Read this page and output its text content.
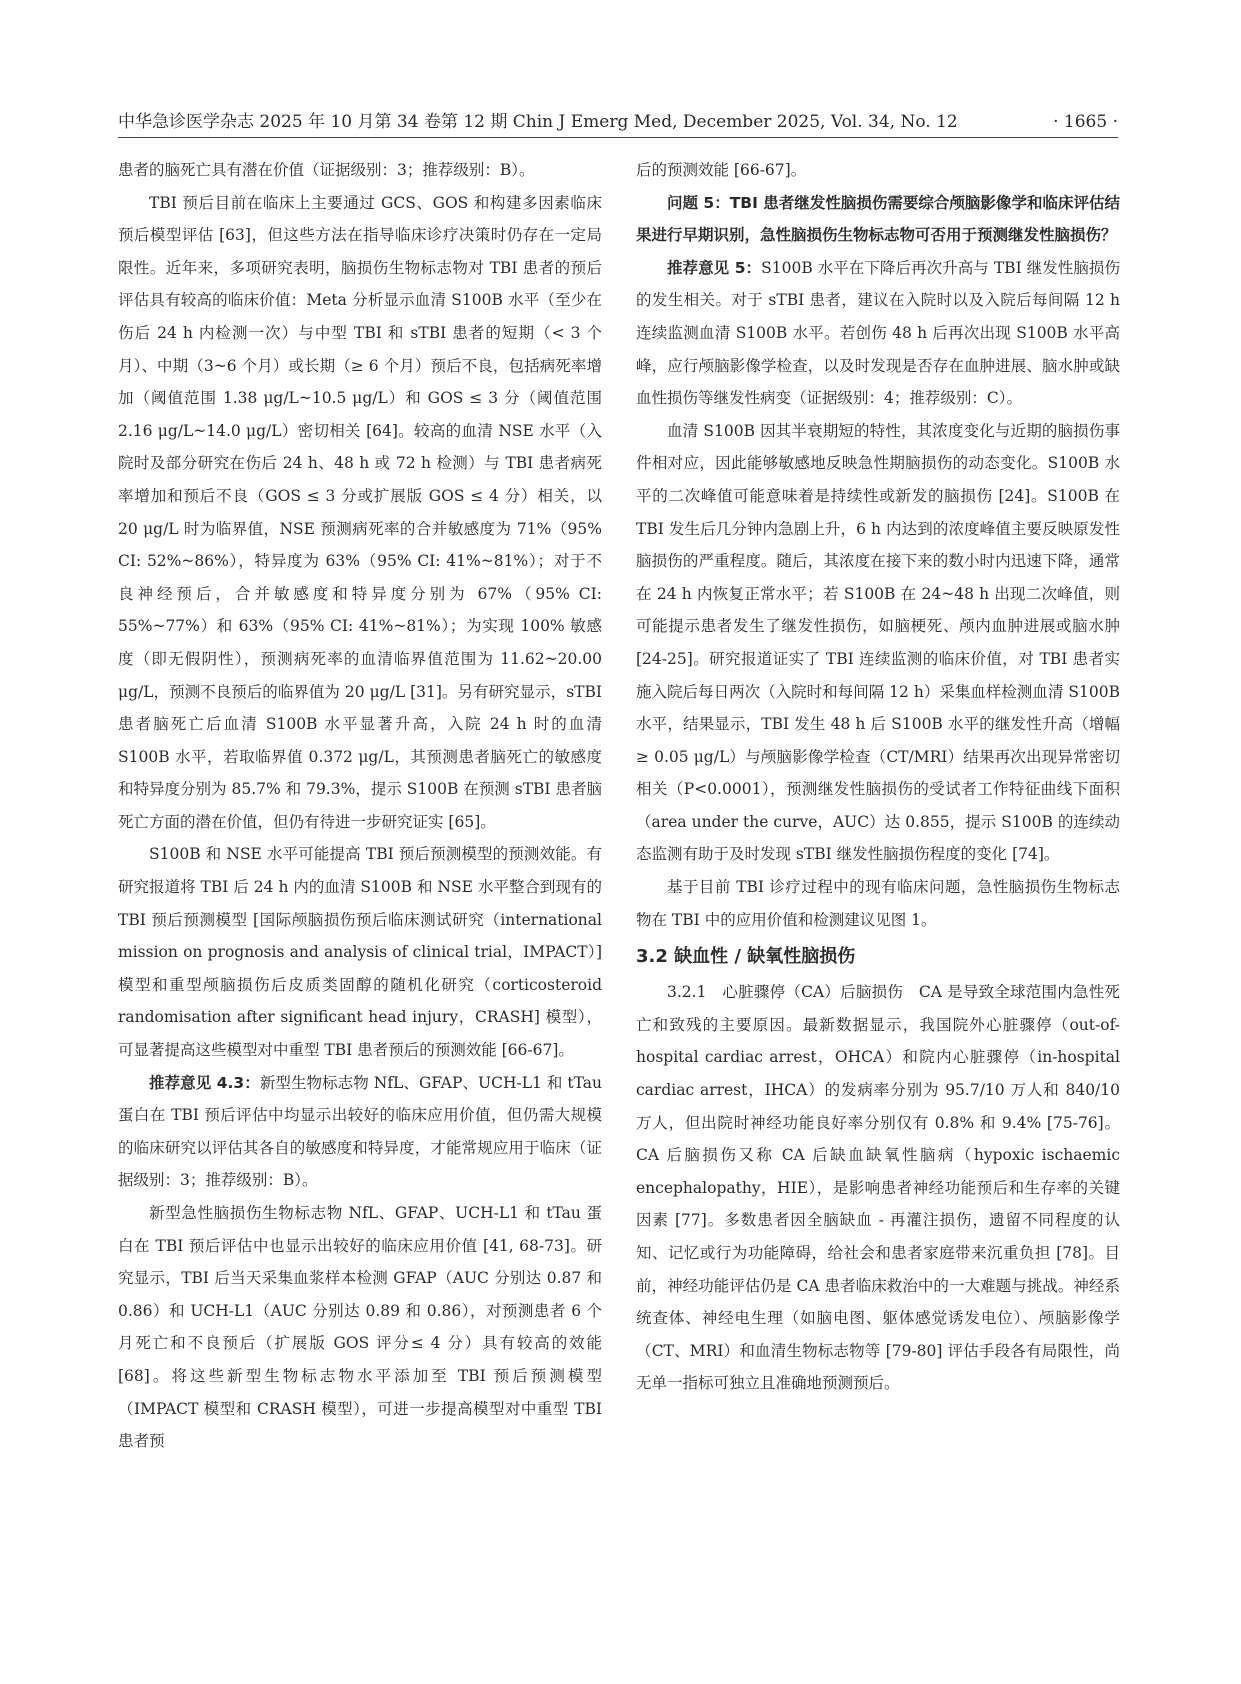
中华急诊医学杂志 2025 年 10 月第 34 卷第 12 期 Chin J Emerg Med, December 2025, Vol. 34, No. 12	· 1665 ·

患者的脑死亡具有潜在价值（证据级别：3；推荐级别：B）。

TBI 预后目前在临床上主要通过 GCS、GOS 和构建多因素临床预后模型评估 [63]，但这些方法在指导临床诊疗决策时仍存在一定局限性。近年来，多项研究表明，脑损伤生物标志物对 TBI 患者的预后评估具有较高的临床价值：Meta 分析显示血清 S100B 水平（至少在伤后 24 h 内检测一次）与中型 TBI 和 sTBI 患者的短期（< 3 个月）、中期（3~6 个月）或长期（≥ 6 个月）预后不良，包括病死率增加（阈值范围 1.38 μg/L~10.5 μg/L）和 GOS ≤ 3 分（阈值范围 2.16 μg/L~14.0 μg/L）密切相关 [64]。较高的血清 NSE 水平（入院时及部分研究在伤后 24 h、48 h 或 72 h 检测）与 TBI 患者病死率增加和预后不良（GOS ≤ 3 分或扩展版 GOS ≤ 4 分）相关，以 20 μg/L 时为临界值，NSE 预测病死率的合并敏感度为 71%（95% CI: 52%~86%），特异度为 63%（95% CI: 41%~81%）；对于不良神经预后，合并敏感度和特异度分别为 67%（95% CI: 55%~77%）和 63%（95% CI: 41%~81%）；为实现 100% 敏感度（即无假阴性），预测病死率的血清临界值范围为 11.62~20.00 μg/L，预测不良预后的临界值为 20 μg/L [31]。另有研究显示，sTBI 患者脑死亡后血清 S100B 水平显著升高，入院 24 h 时的血清 S100B 水平，若取临界值 0.372 μg/L，其预测患者脑死亡的敏感度和特异度分别为 85.7% 和 79.3%，提示 S100B 在预测 sTBI 患者脑死亡方面的潜在价值，但仍有待进一步研究证实 [65]。

S100B 和 NSE 水平可能提高 TBI 预后预测模型的预测效能。有研究报道将 TBI 后 24 h 内的血清 S100B 和 NSE 水平整合到现有的 TBI 预后预测模型 [国际颅脑损伤预后临床测试研究（international mission on prognosis and analysis of clinical trial，IMPACT）] 模型和重型颅脑损伤后皮质类固醇的随机化研究（corticosteroid randomisation after significant head injury，CRASH] 模型），可显著提高这些模型对中重型 TBI 患者预后的预测效能 [66-67]。

推荐意见 4.3：新型生物标志物 NfL、GFAP、UCH-L1 和 tTau 蛋白在 TBI 预后评估中均显示出较好的临床应用价值，但仍需大规模的临床研究以评估其各自的敏感度和特异度，才能常规应用于临床（证据级别：3；推荐级别：B）。

新型急性脑损伤生物标志物 NfL、GFAP、UCH-L1 和 tTau 蛋白在 TBI 预后评估中也显示出较好的临床应用价值 [41, 68-73]。研究显示，TBI 后当天采集血浆样本检测 GFAP（AUC 分别达 0.87 和 0.86）和 UCH-L1（AUC 分别达 0.89 和 0.86），对预测患者 6 个月死亡和不良预后（扩展版 GOS 评分≤ 4 分）具有较高的效能 [68]。将这些新型生物标志物水平添加至 TBI 预后预测模型（IMPACT 模型和 CRASH 模型），可进一步提高模型对中重型 TBI 患者预

后的预测效能 [66-67]。

问题 5：TBI 患者继发性脑损伤需要综合颅脑影像学和临床评估结果进行早期识别，急性脑损伤生物标志物可否用于预测继发性脑损伤？

推荐意见 5：S100B 水平在下降后再次升高与 TBI 继发性脑损伤的发生相关。对于 sTBI 患者，建议在入院时以及入院后每间隔 12 h 连续监测血清 S100B 水平。若创伤 48 h 后再次出现 S100B 水平高峰，应行颅脑影像学检查，以及时发现是否存在血肿进展、脑水肿或缺血性损伤等继发性病变（证据级别：4；推荐级别：C）。

血清 S100B 因其半衰期短的特性，其浓度变化与近期的脑损伤事件相对应，因此能够敏感地反映急性期脑损伤的动态变化。S100B 水平的二次峰值可能意味着是持续性或新发的脑损伤 [24]。S100B 在 TBI 发生后几分钟内急剧上升，6 h 内达到的浓度峰值主要反映原发性脑损伤的严重程度。随后，其浓度在接下来的数小时内迅速下降，通常在 24 h 内恢复正常水平；若 S100B 在 24~48 h 出现二次峰值，则可能提示患者发生了继发性损伤，如脑梗死、颅内血肿进展或脑水肿 [24-25]。研究报道证实了 TBI 连续监测的临床价值，对 TBI 患者实施入院后每日两次（入院时和每间隔 12 h）采集血样检测血清 S100B 水平，结果显示，TBI 发生 48 h 后 S100B 水平的继发性升高（增幅≥ 0.05 μg/L）与颅脑影像学检查（CT/MRI）结果再次出现异常密切相关（P<0.0001），预测继发性脑损伤的受试者工作特征曲线下面积（area under the curve，AUC）达 0.855，提示 S100B 的连续动态监测有助于及时发现 sTBI 继发性脑损伤程度的变化 [74]。

基于目前 TBI 诊疗过程中的现有临床问题，急性脑损伤生物标志物在 TBI 中的应用价值和检测建议见图 1。

3.2 缺血性 / 缺氧性脑损伤

3.2.1　心脏骤停（CA）后脑损伤　CA 是导致全球范围内急性死亡和致残的主要原因。最新数据显示，我国院外心脏骤停（out-of-hospital cardiac arrest，OHCA）和院内心脏骤停（in-hospital cardiac arrest，IHCA）的发病率分别为 95.7/10 万人和 840/10 万人，但出院时神经功能良好率分别仅有 0.8% 和 9.4% [75-76]。CA 后脑损伤又称 CA 后缺血缺氧性脑病（hypoxic ischaemic encephalopathy，HIE），是影响患者神经功能预后和生存率的关键因素 [77]。多数患者因全脑缺血 - 再灌注损伤，遗留不同程度的认知、记忆或行为功能障碍，给社会和患者家庭带来沉重负担 [78]。目前，神经功能评估仍是 CA 患者临床救治中的一大难题与挑战。神经系统查体、神经电生理（如脑电图、躯体感觉诱发电位）、颅脑影像学（CT、MRI）和血清生物标志物等 [79-80] 评估手段各有局限性，尚无单一指标可独立且准确地预测预后。
